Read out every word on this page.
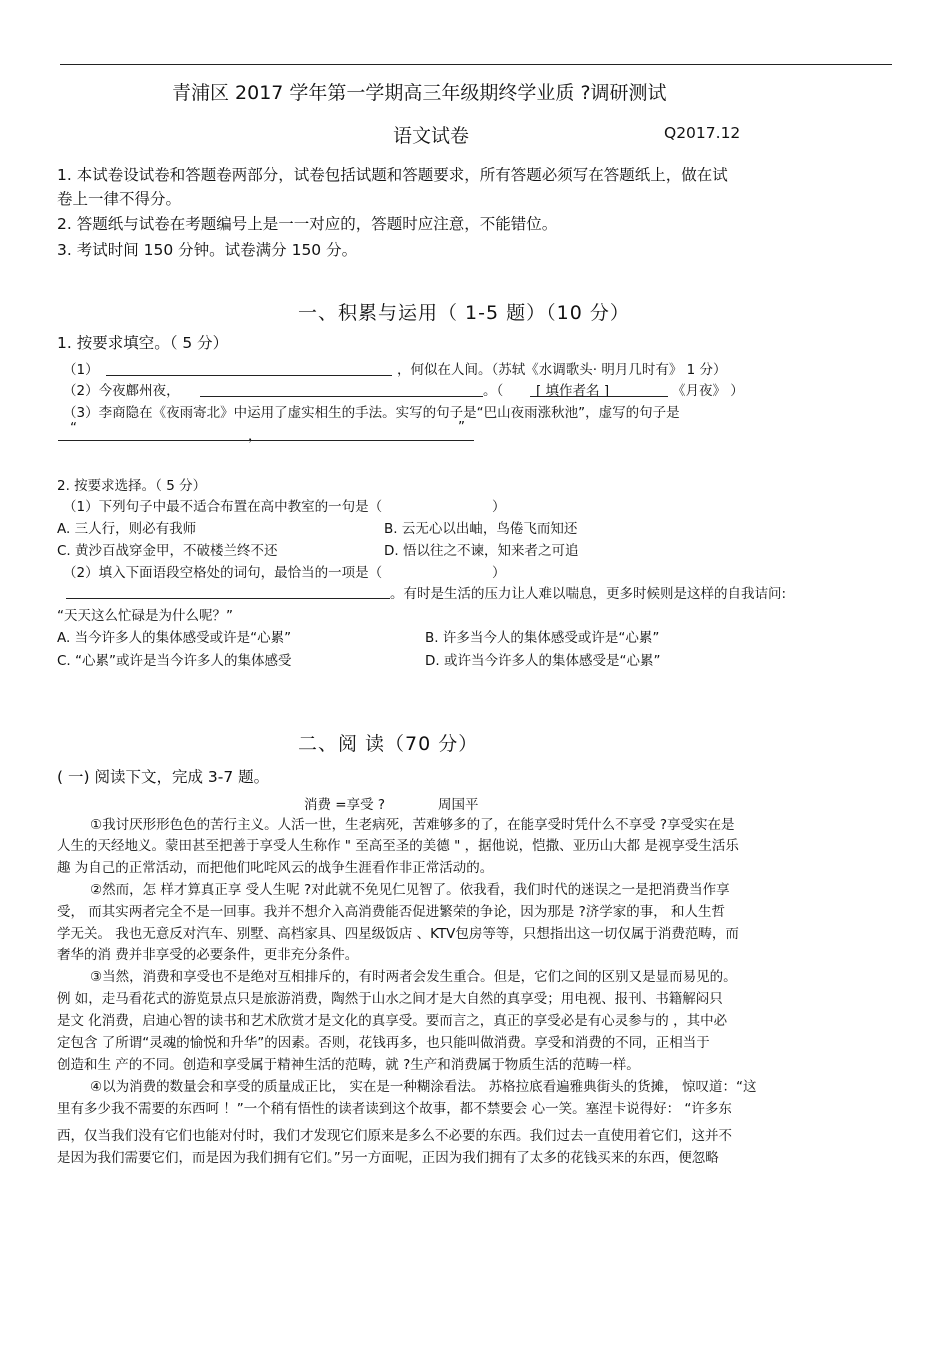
青浦区 2017 学年第一学期高三年级期终学业质 ?调研测试
语文试卷	Q2017.12
1. 本试卷设试卷和答题卷两部分，试卷包括试题和答题要求，所有答题必须写在答题纸上，做在试
卷上一律不得分。
2. 答题纸与试卷在考题编号上是一一对应的，答题时应注意，不能错位。
3. 考试时间 150 分钟。试卷满分 150 分。
一、积累与运用（ 1-5 题）（10 分）
1. 按要求填空。（ 5 分）
（1）	，何似在人间。（苏轼《水调歌头· 明月几时有》 1 分）
（2）今夜鄜州夜，	。（ [ 填作者名 ]	《月夜》 ）
（3）李商隐在《夜雨寄北》中运用了虚实相生的手法。实写的句子是“巴山夜雨涨秋池”，虚写的句子是
“	，
”
2. 按要求选择。（ 5 分）
（1）下列句子中最不适合布置在高中教室的一句是（	）
A. 三人行，则必有我师	B. 云无心以出岫，鸟倦飞而知还
C. 黄沙百战穿金甲，不破楼兰终不还	D. 悟以往之不谏，知来者之可追
（2）填入下面语段空格处的词句，最恰当的一项是（	）
。有时是生活的压力让人难以喘息，更多时候则是这样的自我诘问:
“天天这么忙碌是为什么呢？”
A. 当今许多人的集体感受或许是“心累”	B. 许多当今人的集体感受或许是“心累”
C. “心累”或许是当今许多人的集体感受	D. 或许当今许多人的集体感受是“心累”
二、阅 读（70 分）
( 一) 阅读下文，完成 3-7 题。
消费 =享受 ?	周国平
①我讨厌形形色色的苦行主义。人活一世，生老病死，苦难够多的了，在能享受时凭什么不享受 ?享受实在是
人生的天经地义。蒙田甚至把善于享受人生称作 " 至高至圣的美德 " ，据他说，恺撒、亚历山大都 是视享受生活乐
趣 为自己的正常活动，而把他们叱咤风云的战争生涯看作非正常活动的。
②然而，怎 样才算真正享 受人生呢 ?对此就不免见仁见智了。依我看，我们时代的迷误之一是把消费当作享
受， 而其实两者完全不是一回事。我并不想介入高消费能否促进繁荣的争论，因为那是 ?济学家的事， 和人生哲
学无关。 我也无意反对汽车、别墅、高档家具、四星级饭店 、KTV包房等等，只想指出这一切仅属于消费范畴，而
奢华的消 费并非享受的必要条件，更非充分条件。
③当然，消费和享受也不是绝对互相排斥的，有时两者会发生重合。但是，它们之间的区别又是显而易见的。
例 如，走马看花式的游览景点只是旅游消费，陶然于山水之间才是大自然的真享受；用电视、报刊、书籍解闷只
是文 化消费，启迪心智的读书和艺术欣赏才是文化的真享受。要而言之，真正的享受必是有心灵参与的 ，其中必
定包含 了所谓“灵魂的愉悦和升华”的因素。否则，花钱再多，也只能叫做消费。享受和消费的不同，正相当于
创造和生 产的不同。创造和享受属于精神生活的范畴，就 ?生产和消费属于物质生活的范畴一样。
④以为消费的数量会和享受的质量成正比， 实在是一种糊涂看法。 苏格拉底看遍雅典街头的货摊， 惊叹道：“这
里有多少我不需要的东西呵 ！”一个稍有悟性的读者读到这个故事，都不禁要会 心一笑。塞涅卡说得好： “许多东
西，仅当我们没有它们也能对付时，我们才发现它们原来是多么不必要的东西。我们过去一直使用着它们，这并不
是因为我们需要它们，而是因为我们拥有它们。”另一方面呢，正因为我们拥有了太多的花钱买来的东西，便忽略
